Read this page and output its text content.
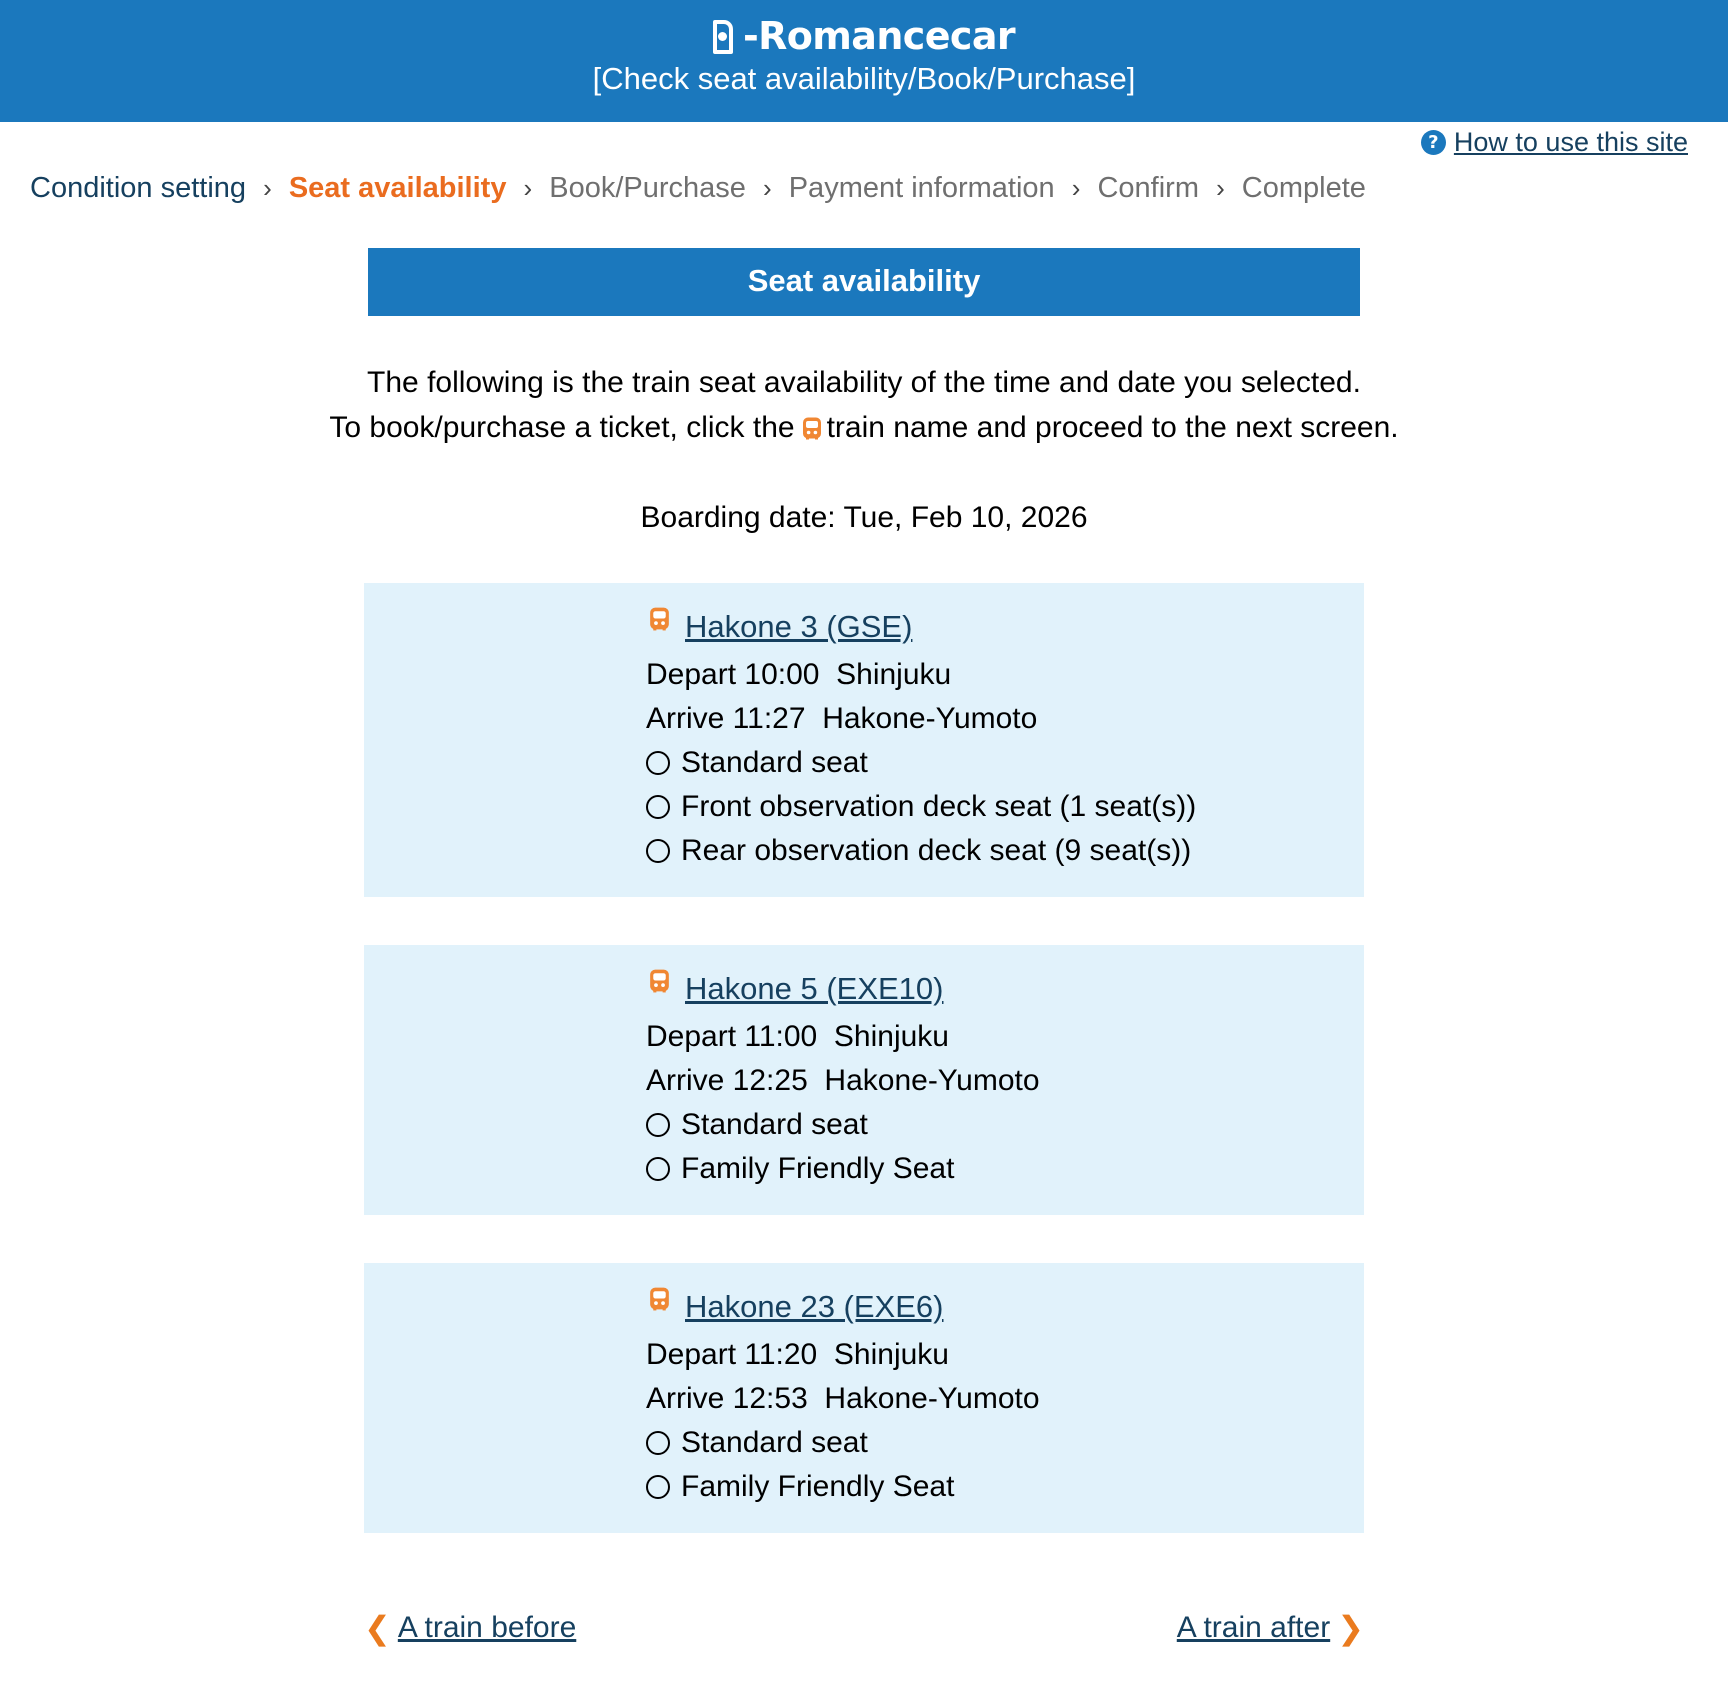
-Romancecar
[Check seat availability/Book/Purchase]
? How to use this site
Condition setting › Seat availability › Book/Purchase › Payment information › Confirm › Complete
Seat availability
The following is the train seat availability of the time and date you selected.
To book/purchase a ticket, click the train name and proceed to the next screen.
Boarding date: Tue, Feb 10, 2026
Hakone 3 (GSE)
Depart 10:00  Shinjuku
Arrive 11:27  Hakone-Yumoto
Standard seat
Front observation deck seat (1 seat(s))
Rear observation deck seat (9 seat(s))
Hakone 5 (EXE10)
Depart 11:00  Shinjuku
Arrive 12:25  Hakone-Yumoto
Standard seat
Family Friendly Seat
Hakone 23 (EXE6)
Depart 11:20  Shinjuku
Arrive 12:53  Hakone-Yumoto
Standard seat
Family Friendly Seat
❮ A train before	A train after ❯
